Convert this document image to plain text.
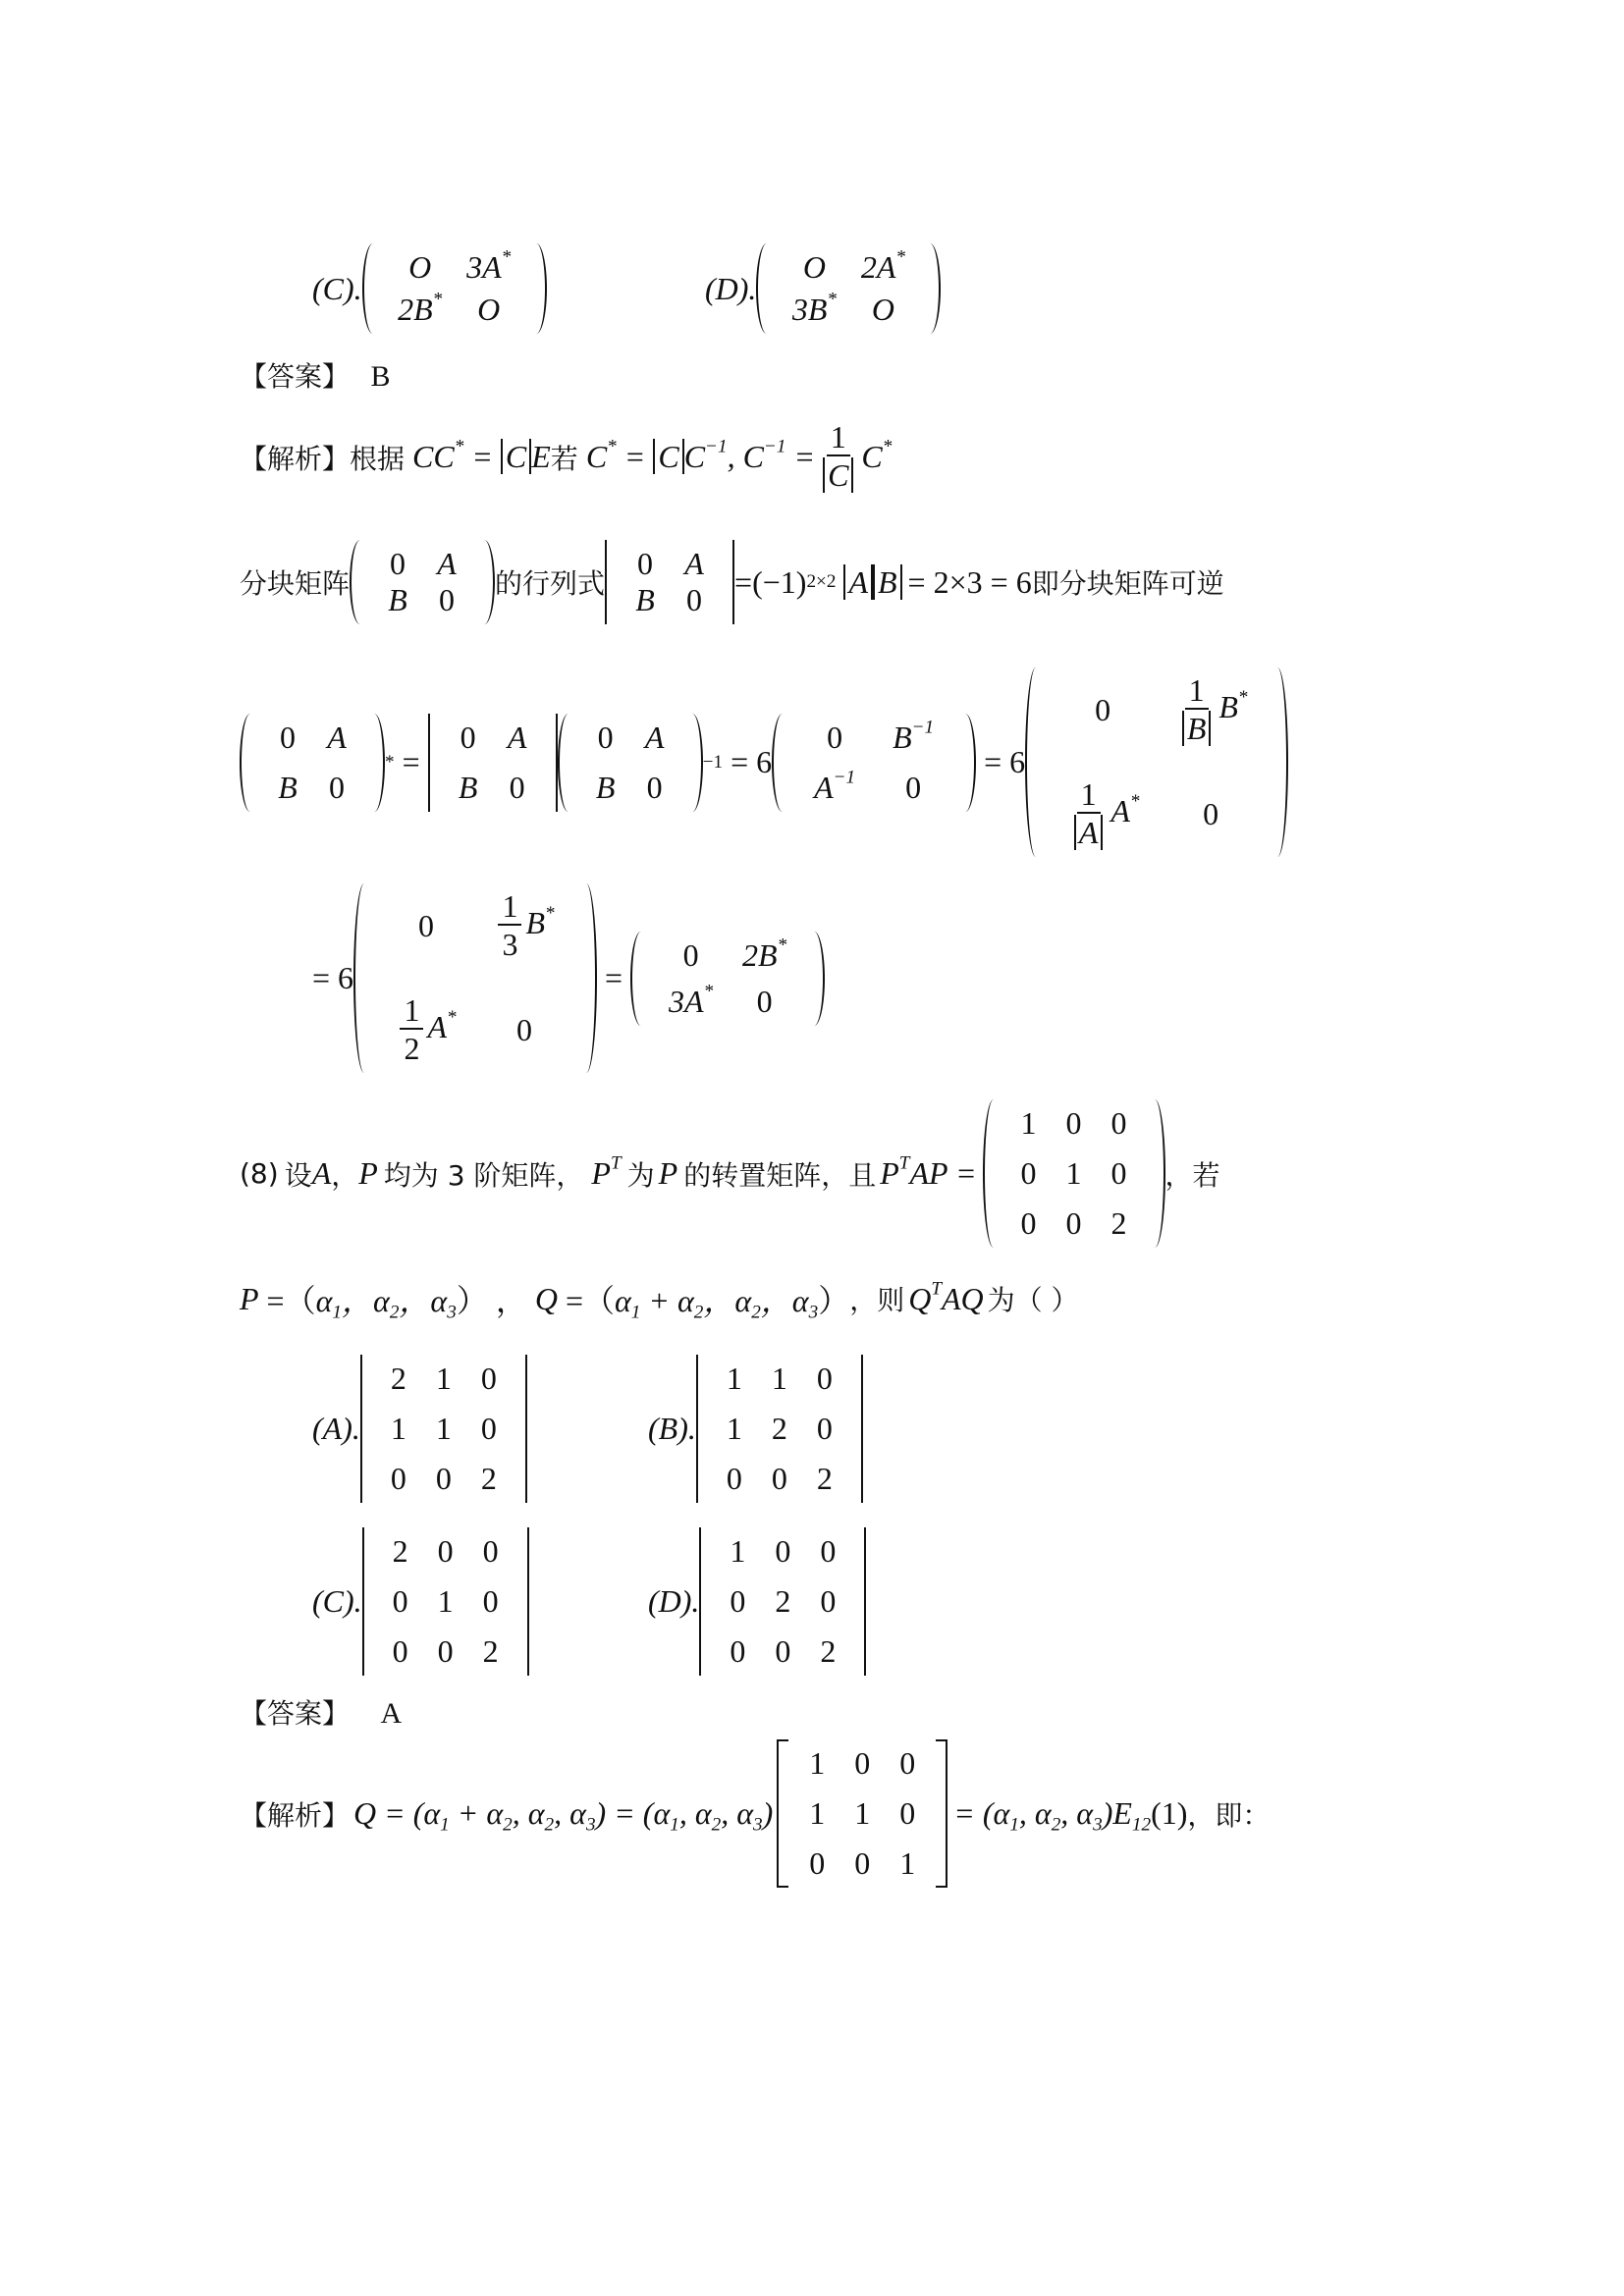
(C).
O 3A*
2B* O
(D).
O 2A*
3B* O
【答案】 B
【解析】 根据 CC* = C E 若 C* = C $C^{-1}$, $C^{-1} = \frac{1}{C} C^*$
分块矩阵
0 A
B 0 的行列式
0 A
B 0
=(−1) 2×2 A B = 2×3 = 6 即分块矩阵可逆
0 A
B 0
* =
0 A
B 0
0 A
B 0
−1 = 6
0 $B^{-1}$
$A^{-1}$ 0
= 6
$0 \frac{1}{B} B^*$
$\frac{1}{A} A^*$ 0
= 6
$0 \frac{1}{3} B^*$
$\frac{1}{2} A^*$ 0
=
0 2B*
3A* 0
(8) 设 A ， P 均为 3 阶矩阵， $P^T$ 为 P 的转置矩阵，且 $P^TAP$ =
1 0 0
0 1 0
0 0 2
，若
P =（ $\alpha_1$，$\alpha_2$，$\alpha_3$ ） ， Q =（ $\alpha_1 + \alpha_2$，$\alpha_2$，$\alpha_3$ ） ，则 $Q^TAQ$ 为（ ）
(A).
2 1 0
1 1 0
0 0 2
(B).
1 1 0
1 2 0
0 0 2
(C).
2 0 0
0 1 0
0 0 2
(D).
1 0 0
0 2 0
0 0 2
【答案】 A
【解析】 $Q = (\alpha_1 + \alpha_2$, $\alpha_2$, $\alpha_3) = (\alpha_1$, $\alpha_2$, $\alpha_3$)
1 0 0
1 1 0
0 0 1
= ($\alpha_1$, $\alpha_2$, $\alpha_3)E_{12}$ (1) ，即：
